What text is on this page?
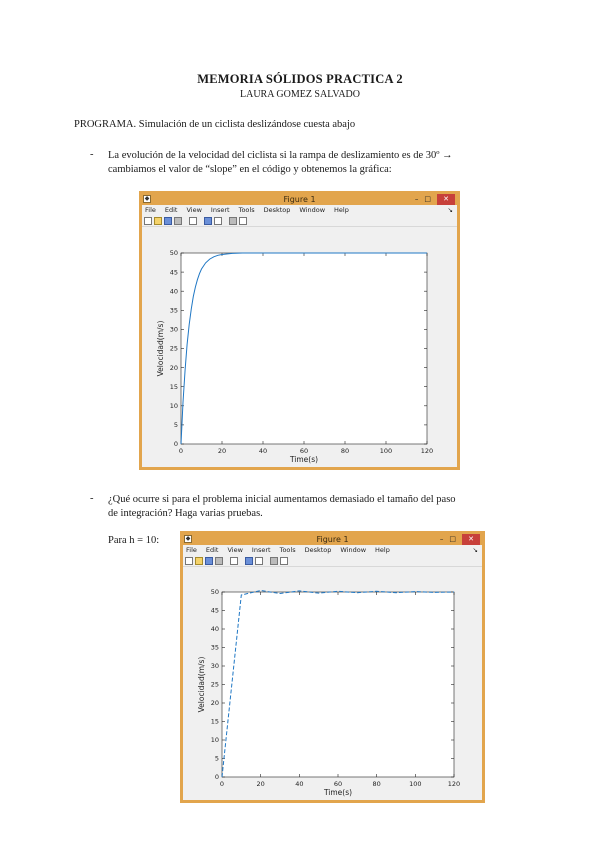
MEMORIA SÓLIDOS PRACTICA 2
LAURA GOMEZ SALVADO
PROGRAMA. Simulación de un ciclista deslizándose cuesta abajo
- La evolución de la velocidad del ciclista si la rampa de deslizamiento es de 30º →
cambiamos el valor de “slope” en el código y obtenemos la gráfica:
◆	Figure 1	– □	✕
File Edit View Insert Tools Desktop Window Help	↘
0	20	40	60	80	100	120
0
5
10
15
20
25
30
35
40
45
50
Time(s)
Velocidad(m/s)
- ¿Qué ocurre si para el problema inicial aumentamos demasiado el tamaño del paso
de integración? Haga varias pruebas.
Para h = 10:	◆	Figure 1	– □	✕
File Edit View Insert Tools Desktop Window Help	↘
0	20	40	60	80	100	120
0
5
10
15
20
25
30
35
40
45
50
Time(s)
Velocidad(m/s)
